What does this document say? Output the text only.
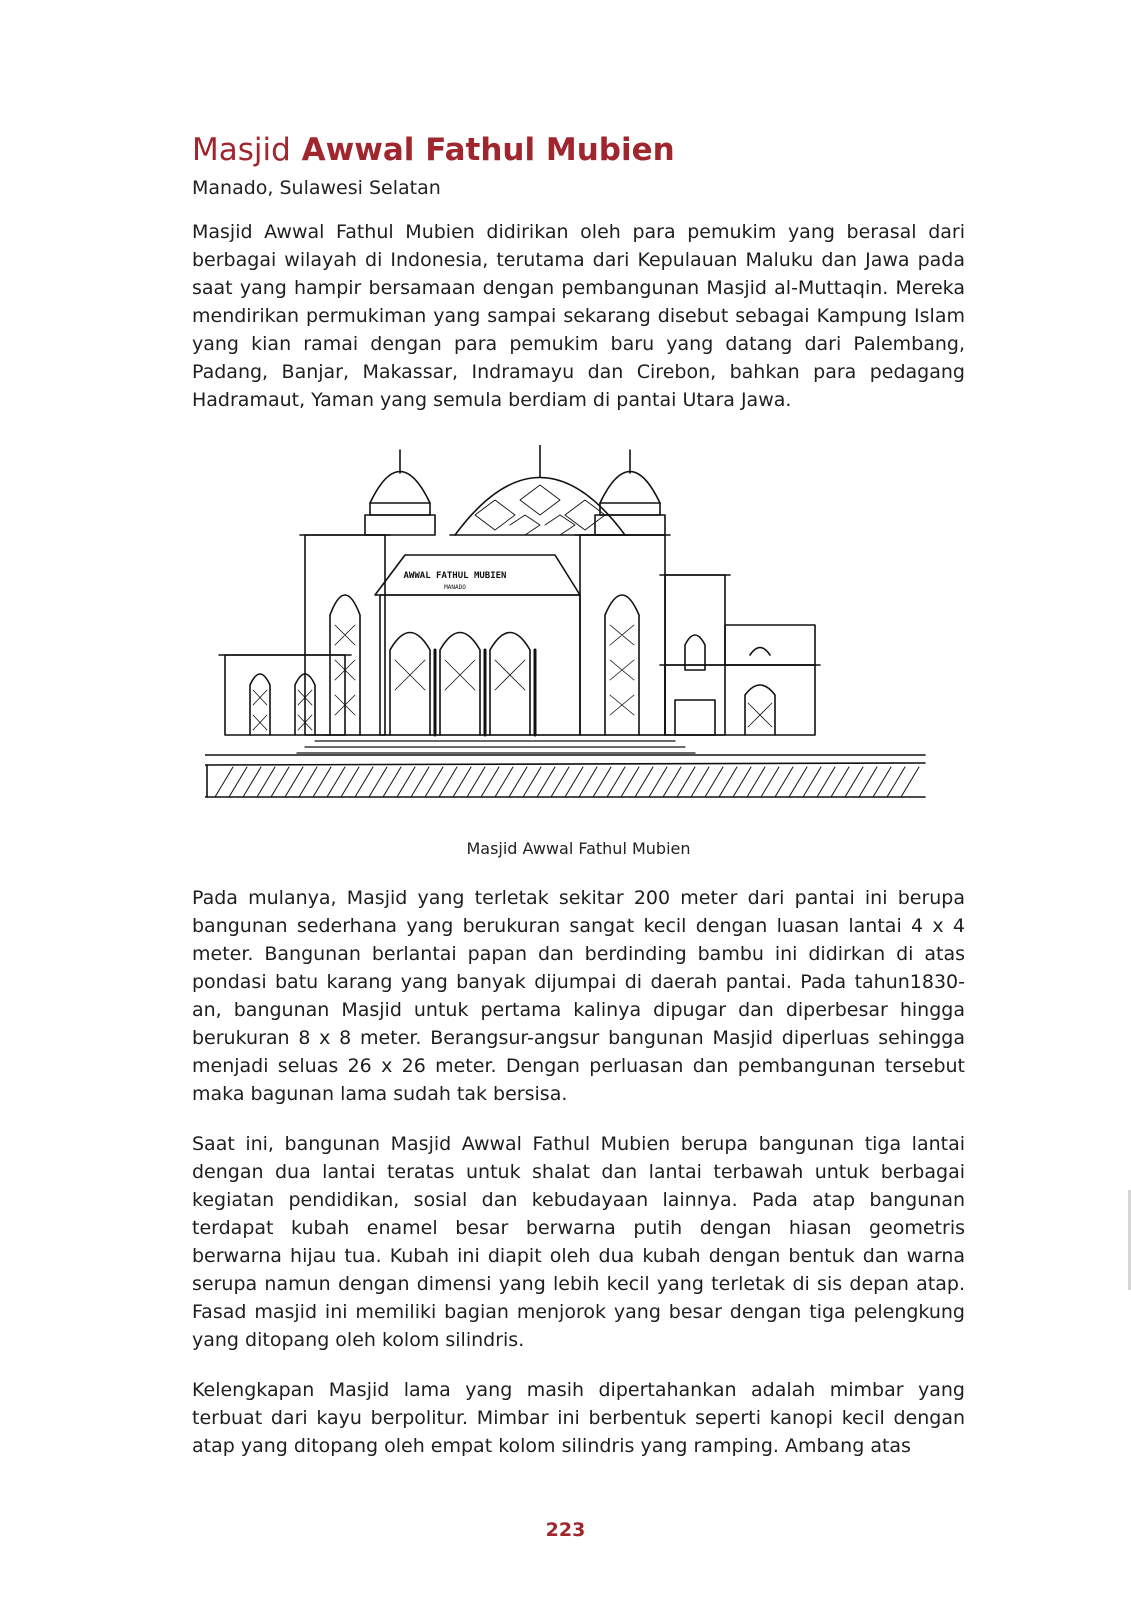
Masjid Awwal Fathul Mubien
Manado, Sulawesi Selatan

Masjid Awwal Fathul Mubien didirikan oleh para pemukim yang berasal dari berbagai wilayah di Indonesia, terutama dari Kepulauan Maluku dan Jawa pada saat yang hampir bersamaan dengan pembangunan Masjid al-Muttaqin. Mereka mendirikan permukiman yang sampai sekarang disebut sebagai Kampung Islam yang kian ramai dengan para pemukim baru yang datang dari Palembang, Padang, Banjar, Makassar, Indramayu dan Cirebon, bahkan para pedagang Hadramaut, Yaman yang semula berdiam di pantai Utara Jawa.

AWWAL FATHUL MUBIEN
MANADO
Masjid Awwal Fathul Mubien

Pada mulanya, Masjid yang terletak sekitar 200 meter dari pantai ini berupa bangunan sederhana yang berukuran sangat kecil dengan luasan lantai 4 x 4 meter. Bangunan berlantai papan dan berdinding bambu ini didirkan di atas pondasi batu karang yang banyak dijumpai di daerah pantai. Pada tahun1830-an, bangunan Masjid untuk pertama kalinya dipugar dan diperbesar hingga berukuran 8 x 8 meter. Berangsur-angsur bangunan Masjid diperluas sehingga menjadi seluas 26 x 26 meter. Dengan perluasan dan pembangunan tersebut maka bagunan lama sudah tak bersisa.

Saat ini, bangunan Masjid Awwal Fathul Mubien berupa bangunan tiga lantai dengan dua lantai teratas untuk shalat dan lantai terbawah untuk berbagai kegiatan pendidikan, sosial dan kebudayaan lainnya. Pada atap bangunan terdapat kubah enamel besar berwarna putih dengan hiasan geometris berwarna hijau tua. Kubah ini diapit oleh dua kubah dengan bentuk dan warna serupa namun dengan dimensi yang lebih kecil yang terletak di sis depan atap. Fasad masjid ini memiliki bagian menjorok yang besar dengan tiga pelengkung yang ditopang oleh kolom silindris.

Kelengkapan Masjid lama yang masih dipertahankan adalah mimbar yang terbuat dari kayu berpolitur. Mimbar ini berbentuk seperti kanopi kecil dengan atap yang ditopang oleh empat kolom silindris yang ramping. Ambang atas

223
